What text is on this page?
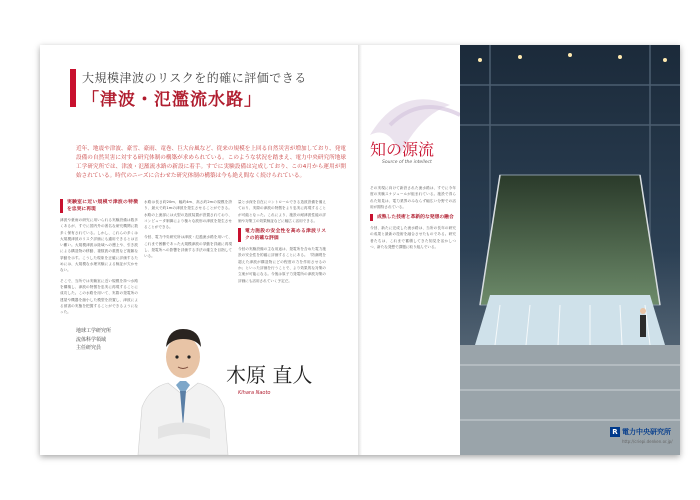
大規模津波のリスクを的確に評価できる
「津波・氾濫流水路」
近年、地震や津波、豪雪、豪雨、竜巻、巨大台風など、従来の規模を上回る自然災害が増加しており、発電設備の自然災害に対する研究体制の構築が求められている。このような状況を踏まえ、電力中央研究所地球工学研究所では、津波・氾濫流水路の新設に着手。すでに実験設備は完成しており、この4月から運用が開始されている。時代のニーズに合わせた研究体制の構築は今も絶え間なく続けられている。
実験室に近い規模で津波の特徴を忠実に再現
津波や豪雨の研究に用いられる実験設備は数多くあるが、すでに国内外の著名な研究機関に数多く保有されている。しかし、これらの多くは大規模津波のリスク評価にも適用できるとは言い難い。大規模津波は陸域への遡上や、引き波による構造物の移動、複数波の重畳など複雑な挙動を示す。こうした現象を正確に評価するためには、大規模な水理実験による検証が欠かせない。
そこで、当所では実験室に近い規模を持つ水路を構築し、津波の特徴を忠実に再現することに成功した。この水路を用いて、実際の発電所の建屋や機器を縮小した模型を設置し、津波による被害の実態を把握することができるようになった。
水路は長さ約20m、幅約4m、高さ約2mの規模を誇り、最大で約1mの津波を発生させることができる。水路の上流部には大型の造波装置が設置されており、コンピュータ制御により様々な波形の津波を発生させることができる。
今回、電力中央研究所は津波・氾濫流水路を用いて、これまで困難であった大規模津波の挙動を詳細に再現し、発電所への影響を評価する手法の確立を目指している。
量と水深を自在にコントロールできる造波設備を備えており、実際の津波の特徴をより忠実に再現することが可能となった。これにより、施設の耐津波性能の評価や対策工の効果検証などに幅広く活用できる。
電力施設の安全性を高める津波リスクの的確な評価
今回の実験設備の主な用途は、発電所を含めた電力施設の安全性を的確に評価することにある。「防潮堤を超えた津波が構造物にどの程度の力を作用させるのか」といった評価を行うことで、より効果的な対策の立案が可能になる。今後は原子力発電所の津波対策の評価にも活用されていく予定だ。
地球工学研究所
流体科学領域
主任研究員
木原 直人
Kihara Naoto
知の源流
Source of the intellect
その実現に向けて新設された流水路は、すでに今年度の実験スケジュールが組まれている。施設で得られた知見は、電力業界のみならず幅広い分野での活用が期待されている。
成熟した技術と革新的な発想の融合
今回、新たに完成した流水路は、当所の長年の研究の成果と最新の技術を融合させたものである。研究者たちは、これまで蓄積してきた知見を活かしつつ、新たな発想で課題に取り組んでいる。
R 電力中央研究所
http://criepi.denken.or.jp/
